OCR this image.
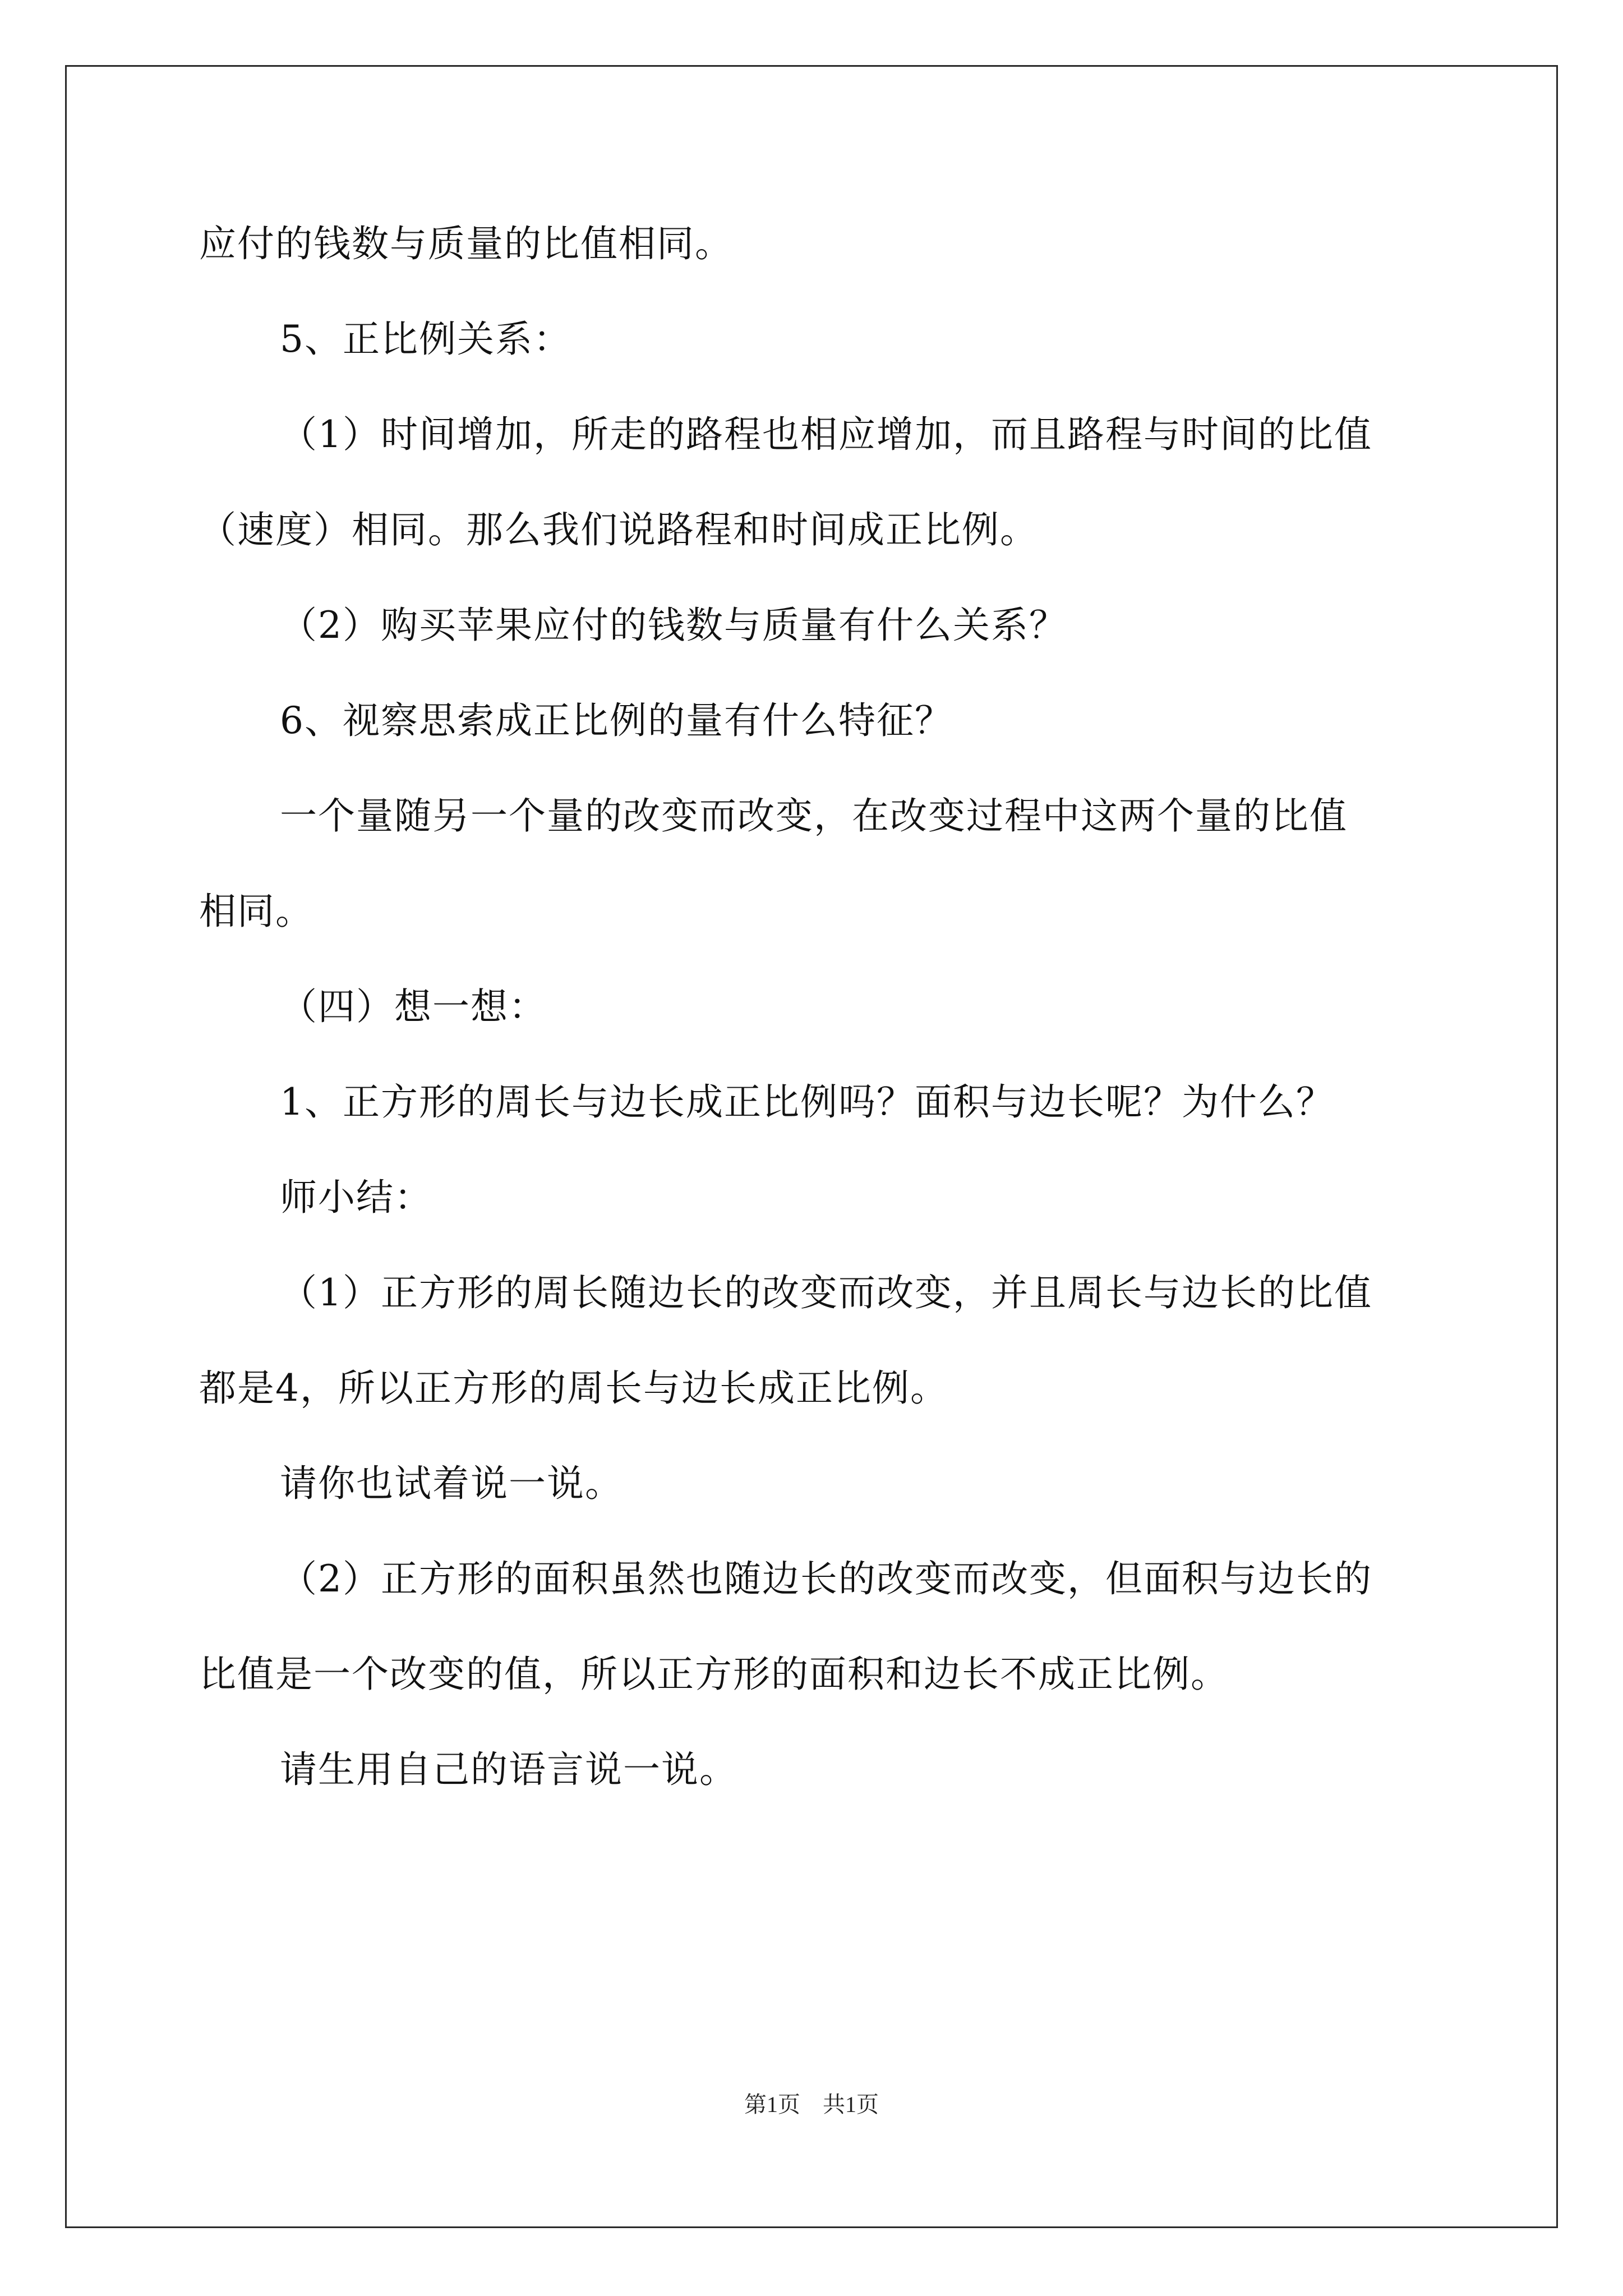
应付的钱数与质量的比值相同。
5、正比例关系：
（1）时间增加，所走的路程也相应增加，而且路程与时间的比值
（速度）相同。那么我们说路程和时间成正比例。
（2）购买苹果应付的钱数与质量有什么关系？
6、视察思索成正比例的量有什么特征？
一个量随另一个量的改变而改变，在改变过程中这两个量的比值
相同。
（四）想一想：
1、正方形的周长与边长成正比例吗？面积与边长呢？为什么？
师小结：
（1）正方形的周长随边长的改变而改变，并且周长与边长的比值
都是4，所以正方形的周长与边长成正比例。
请你也试着说一说。
（2）正方形的面积虽然也随边长的改变而改变，但面积与边长的
比值是一个改变的值，所以正方形的面积和边长不成正比例。
请生用自己的语言说一说。
第1页　共1页
